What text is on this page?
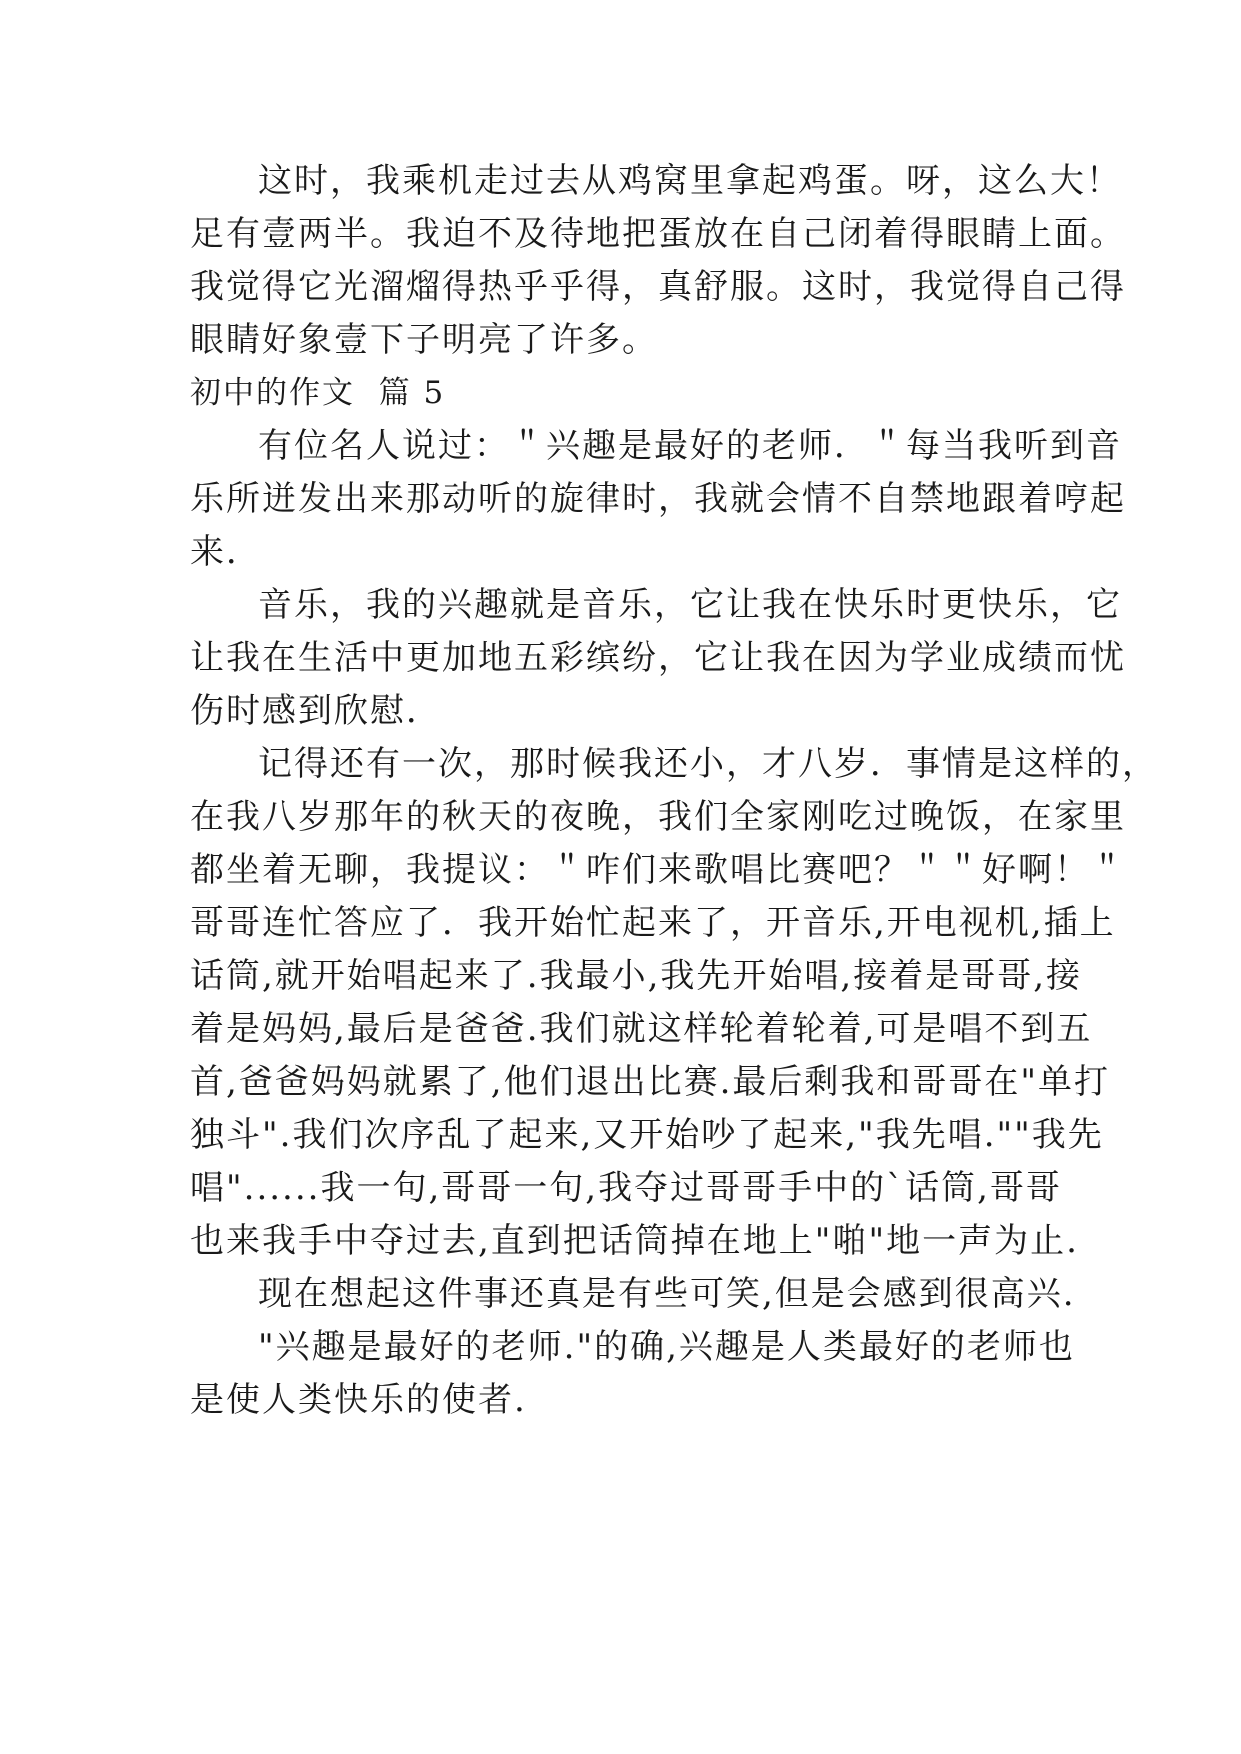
这时，我乘机走过去从鸡窝里拿起鸡蛋。呀，这么大！
足有壹两半。我迫不及待地把蛋放在自己闭着得眼睛上面。
我觉得它光溜熘得热乎乎得，真舒服。这时，我觉得自己得
眼睛好象壹下子明亮了许多。
初中的作文  篇 5
有位名人说过：＂兴趣是最好的老师．＂每当我听到音
乐所迸发出来那动听的旋律时，我就会情不自禁地跟着哼起
来．
音乐，我的兴趣就是音乐，它让我在快乐时更快乐，它
让我在生活中更加地五彩缤纷，它让我在因为学业成绩而忧
伤时感到欣慰．
记得还有一次，那时候我还小，才八岁．事情是这样的，
在我八岁那年的秋天的夜晚，我们全家刚吃过晚饭，在家里
都坐着无聊，我提议：＂咋们来歌唱比赛吧？＂＂好啊！＂
哥哥连忙答应了．我开始忙起来了，开音乐,开电视机,插上
话筒,就开始唱起来了.我最小,我先开始唱,接着是哥哥,接
着是妈妈,最后是爸爸.我们就这样轮着轮着,可是唱不到五
首,爸爸妈妈就累了,他们退出比赛.最后剩我和哥哥在"单打
独斗".我们次序乱了起来,又开始吵了起来,"我先唱.""我先
唱"......我一句,哥哥一句,我夺过哥哥手中的`话筒,哥哥
也来我手中夺过去,直到把话筒掉在地上"啪"地一声为止.
现在想起这件事还真是有些可笑,但是会感到很高兴.
"兴趣是最好的老师."的确,兴趣是人类最好的老师也
是使人类快乐的使者.
